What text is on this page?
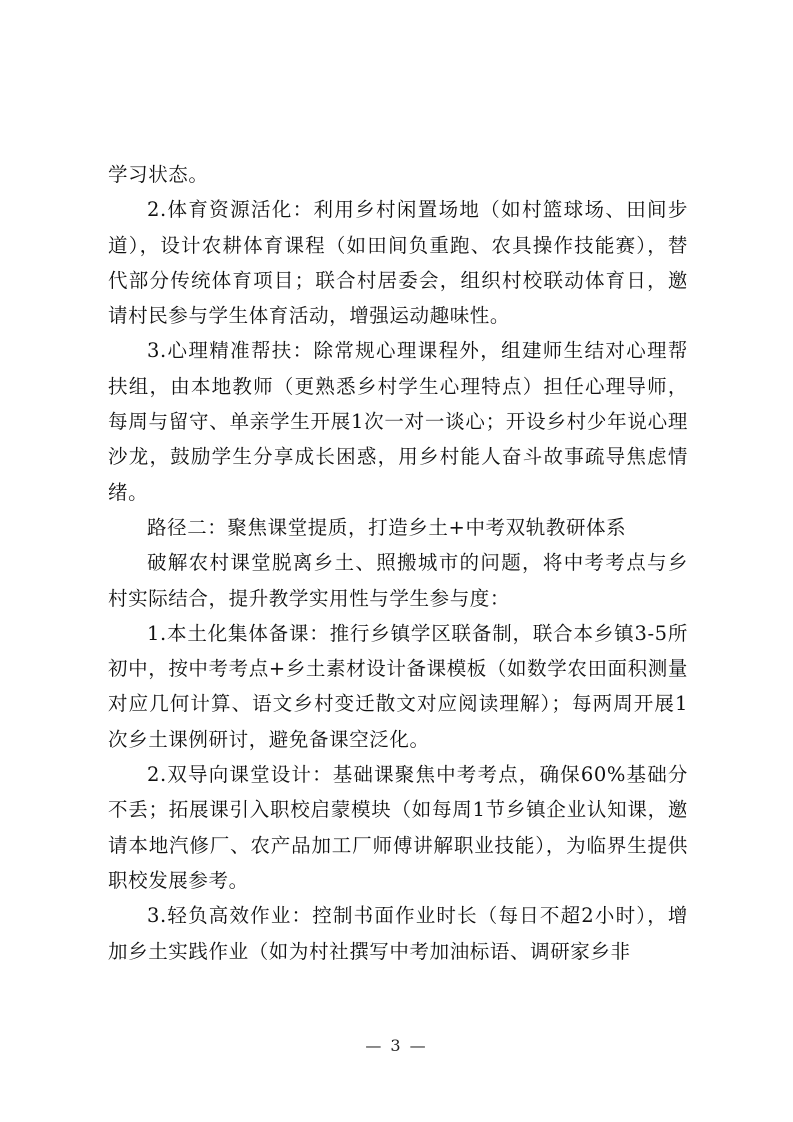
学习状态。

2.体育资源活化：利用乡村闲置场地（如村篮球场、田间步道），设计农耕体育课程（如田间负重跑、农具操作技能赛），替代部分传统体育项目；联合村居委会，组织村校联动体育日，邀请村民参与学生体育活动，增强运动趣味性。

3.心理精准帮扶：除常规心理课程外，组建师生结对心理帮扶组，由本地教师（更熟悉乡村学生心理特点）担任心理导师，每周与留守、单亲学生开展1次一对一谈心；开设乡村少年说心理沙龙，鼓励学生分享成长困惑，用乡村能人奋斗故事疏导焦虑情绪。

路径二：聚焦课堂提质，打造乡土+中考双轨教研体系

破解农村课堂脱离乡土、照搬城市的问题，将中考考点与乡村实际结合，提升教学实用性与学生参与度：

1.本土化集体备课：推行乡镇学区联备制，联合本乡镇3-5所初中，按中考考点+乡土素材设计备课模板（如数学农田面积测量对应几何计算、语文乡村变迁散文对应阅读理解）；每两周开展1次乡土课例研讨，避免备课空泛化。

2.双导向课堂设计：基础课聚焦中考考点，确保60%基础分不丢；拓展课引入职校启蒙模块（如每周1节乡镇企业认知课，邀请本地汽修厂、农产品加工厂师傅讲解职业技能），为临界生提供职校发展参考。

3.轻负高效作业：控制书面作业时长（每日不超2小时），增加乡土实践作业（如为村社撰写中考加油标语、调研家乡非

— 3 —
